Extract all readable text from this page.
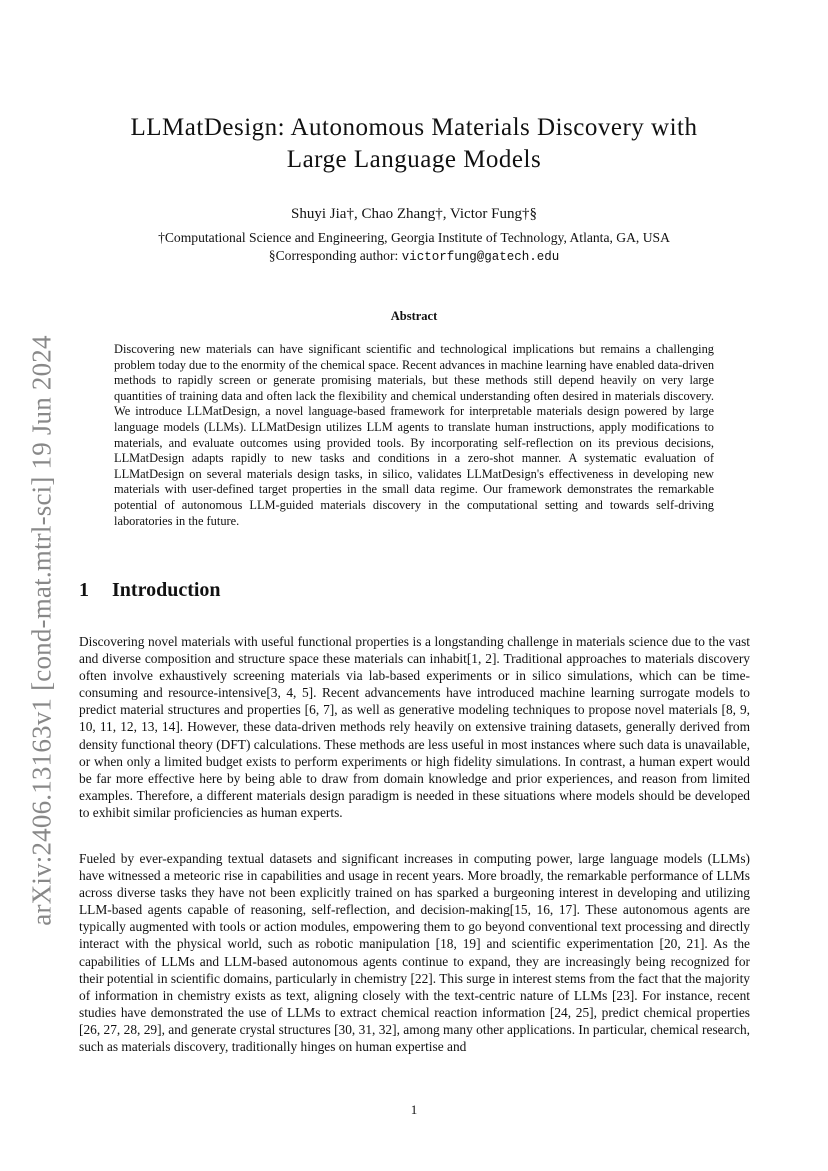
arXiv:2406.13163v1 [cond-mat.mtrl-sci] 19 Jun 2024
LLMatDesign: Autonomous Materials Discovery with
Large Language Models
Shuyi Jia†, Chao Zhang†, Victor Fung†§
†Computational Science and Engineering, Georgia Institute of Technology, Atlanta, GA, USA
§Corresponding author: victorfung@gatech.edu
Abstract

Discovering new materials can have significant scientific and technological implications but remains a challenging problem today due to the enormity of the chemical space. Recent advances in machine learning have enabled data-driven methods to rapidly screen or generate promising materials, but these methods still depend heavily on very large quantities of training data and often lack the flexibility and chemical understanding often desired in materials discovery. We introduce LLMatDesign, a novel language-based framework for interpretable materials design powered by large language models (LLMs). LLMatDesign utilizes LLM agents to translate human instructions, apply modifications to materials, and evaluate outcomes using provided tools. By incorporating self-reflection on its previous decisions, LLMatDesign adapts rapidly to new tasks and conditions in a zero-shot manner. A systematic evaluation of LLMatDesign on several materials design tasks, in silico, validates LLMatDesign's effectiveness in developing new materials with user-defined target properties in the small data regime. Our framework demonstrates the remarkable potential of autonomous LLM-guided materials discovery in the computational setting and towards self-driving laboratories in the future.

1 Introduction

Discovering novel materials with useful functional properties is a longstanding challenge in materials science due to the vast and diverse composition and structure space these materials can inhabit[1, 2]. Traditional approaches to materials discovery often involve exhaustively screening materials via lab-based experiments or in silico simulations, which can be time-consuming and resource-intensive[3, 4, 5]. Recent advancements have introduced machine learning surrogate models to predict material structures and properties [6, 7], as well as generative modeling techniques to propose novel materials [8, 9, 10, 11, 12, 13, 14]. However, these data-driven methods rely heavily on extensive training datasets, generally derived from density functional theory (DFT) calculations. These methods are less useful in most instances where such data is unavailable, or when only a limited budget exists to perform experiments or high fidelity simulations. In contrast, a human expert would be far more effective here by being able to draw from domain knowledge and prior experiences, and reason from limited examples. Therefore, a different materials design paradigm is needed in these situations where models should be developed to exhibit similar proficiencies as human experts.

Fueled by ever-expanding textual datasets and significant increases in computing power, large language models (LLMs) have witnessed a meteoric rise in capabilities and usage in recent years. More broadly, the remarkable performance of LLMs across diverse tasks they have not been explicitly trained on has sparked a burgeoning interest in developing and utilizing LLM-based agents capable of reasoning, self-reflection, and decision-making[15, 16, 17]. These autonomous agents are typically augmented with tools or action modules, empowering them to go beyond conventional text processing and directly interact with the physical world, such as robotic manipulation [18, 19] and scientific experimentation [20, 21]. As the capabilities of LLMs and LLM-based autonomous agents continue to expand, they are increasingly being recognized for their potential in scientific domains, particularly in chemistry [22]. This surge in interest stems from the fact that the majority of information in chemistry exists as text, aligning closely with the text-centric nature of LLMs [23]. For instance, recent studies have demonstrated the use of LLMs to extract chemical reaction information [24, 25], predict chemical properties [26, 27, 28, 29], and generate crystal structures [30, 31, 32], among many other applications. In particular, chemical research, such as materials discovery, traditionally hinges on human expertise and

1
